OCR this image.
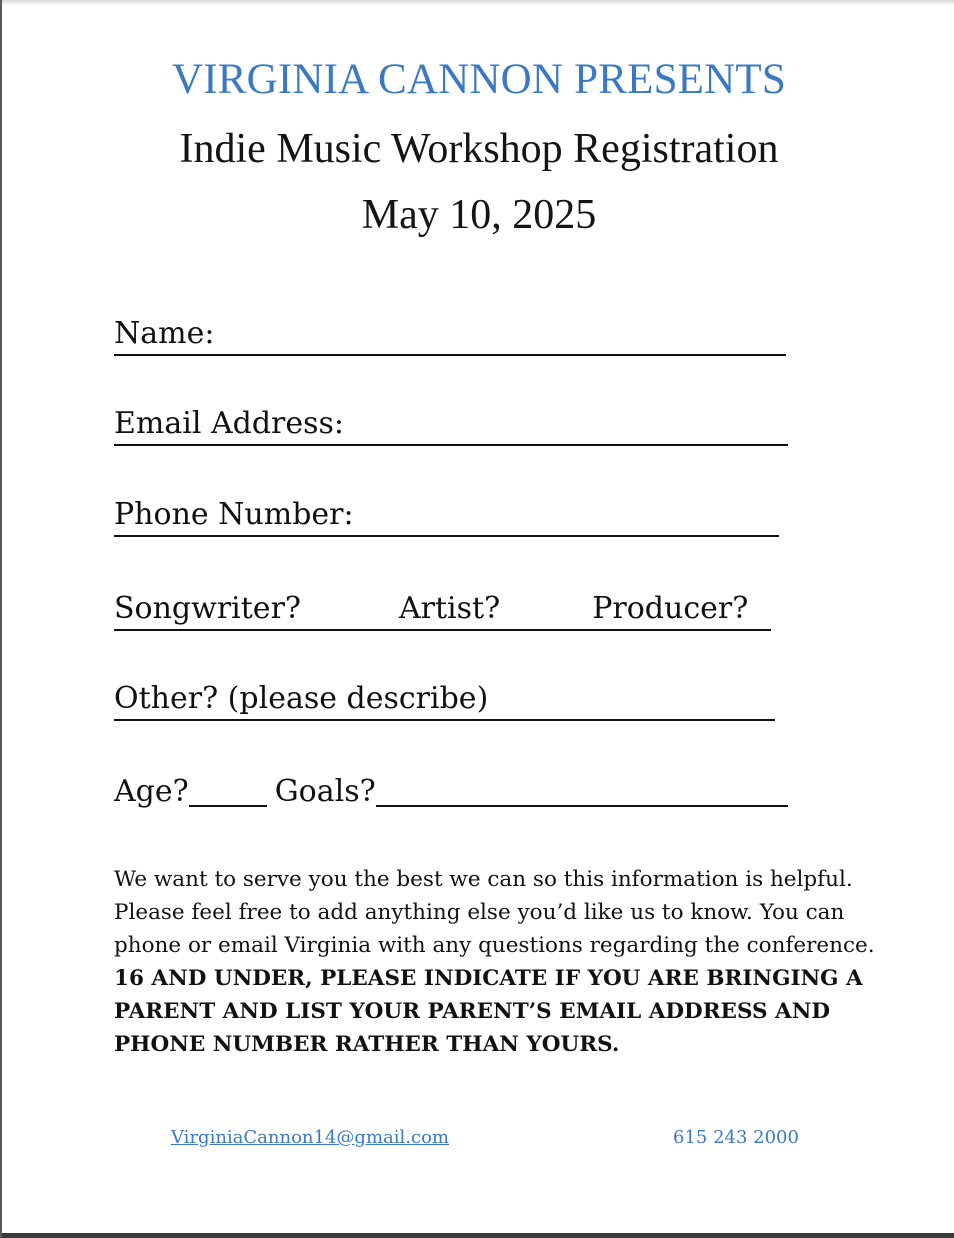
VIRGINIA CANNON PRESENTS
Indie Music Workshop Registration
May 10, 2025
Name:
Email Address:
Phone Number:
Songwriter?	Artist?	Producer?
Other? (please describe)
Age?	Goals?

We want to serve you the best we can so this information is helpful.

Please feel free to add anything else you’d like us to know. You can

phone or email Virginia with any questions regarding the conference.

16 AND UNDER, PLEASE INDICATE IF YOU ARE BRINGING A

PARENT AND LIST YOUR PARENT’S EMAIL ADDRESS AND

PHONE NUMBER RATHER THAN YOURS.

VirginiaCannon14@gmail.com	615 243 2000
